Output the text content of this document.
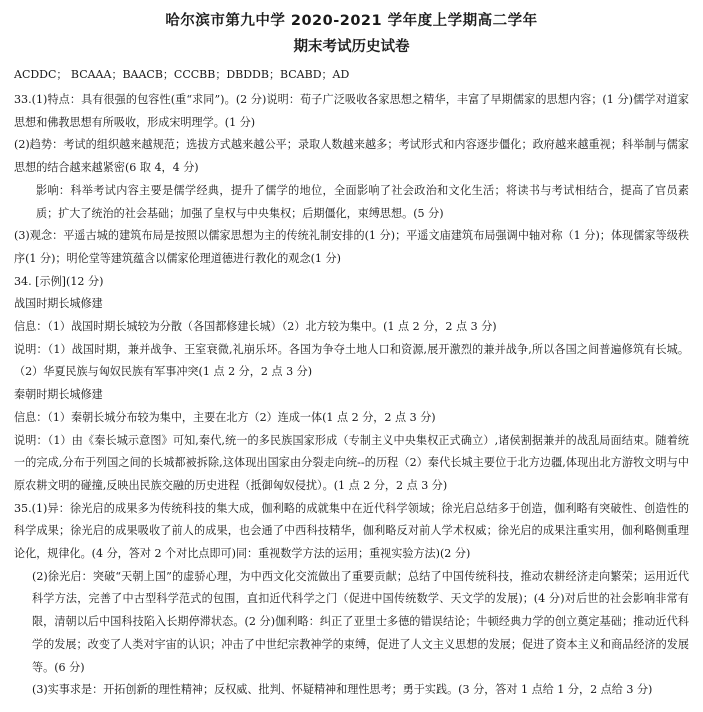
哈尔滨市第九中学 2020-2021 学年度上学期高二学年
期末考试历史试卷
ACDDC； BCAAA；BAACB；CCCBB；DBDDB；BCABD；AD

33.(1)特点：具有很强的包容性(重“求同”)。(2 分)说明：荀子广泛吸收各家思想之精华，丰富了早期儒家的思想内容；(1 分)儒学对道家思想和佛教思想有所吸收，形成宋明理学。(1 分)

(2)趋势：考试的组织越来越规范；选拔方式越来越公平；录取人数越来越多；考试形式和内容逐步僵化；政府越来越重视；科举制与儒家思想的结合越来越紧密(6 取 4，4 分)

影响：科举考试内容主要是儒学经典，提升了儒学的地位，全面影响了社会政治和文化生活；将读书与考试相结合，提高了官员素质；扩大了统治的社会基础；加强了皇权与中央集权；后期僵化，束缚思想。(5 分)

(3)观念：平遥古城的建筑布局是按照以儒家思想为主的传统礼制安排的(1 分)；平遥文庙建筑布局强调中轴对称（1 分)；体现儒家等级秩序(1 分)；明伦堂等建筑蕴含以儒家伦理道德进行教化的观念(1 分)

34. [示例](12 分)

战国时期长城修建

信息：（1）战国时期长城较为分散（各国都修建长城）（2）北方较为集中。(1 点 2 分，2 点 3 分)

说明：（1）战国时期，兼并战争、王室衰微,礼崩乐坏。各国为争夺土地人口和资源,展开激烈的兼并战争,所以各国之间普遍修筑有长城。（2）华夏民族与匈奴民族有军事冲突(1 点 2 分，2 点 3 分)

秦朝时期长城修建

信息：（1）秦朝长城分布较为集中，主要在北方（2）连成一体(1 点 2 分，2 点 3 分)

说明：（1）由《秦长城示意图》可知,秦代,统一的多民族国家形成（专制主义中央集权正式确立）,诸侯割据兼并的战乱局面结束。随着统一的完成,分布于列国之间的长城都被拆除,这体现出国家由分裂走向统--的历程（2）秦代长城主要位于北方边疆,体现出北方游牧文明与中原农耕文明的碰撞,反映出民族交融的历史进程（抵御匈奴侵扰）。(1 点 2 分，2 点 3 分)

35.(1)异：徐光启的成果多为传统科技的集大成，伽利略的成就集中在近代科学领域；徐光启总结多于创造，伽利略有突破性、创造性的科学成果；徐光启的成果吸收了前人的成果，也会通了中西科技精华，伽利略反对前人学术权威；徐光启的成果注重实用，伽利略侧重理论化，规律化。(4 分，答对 2 个对比点即可)同：重视数学方法的运用；重视实验方法)(2 分)

(2)徐光启：突破“天朝上国”的虚骄心理，为中西文化交流做出了重要贡献；总结了中国传统科技，推动农耕经济走向繁荣；运用近代科学方法，完善了中古型科学范式的包围，直扣近代科学之门（促进中国传统数学、天文学的发展)；(4 分)对后世的社会影响非常有限，清朝以后中国科技陷入长期停滞状态。(2 分)伽利略：纠正了亚里士多德的错误结论；牛顿经典力学的创立奠定基础；推动近代科学的发展；改变了人类对宇宙的认识；冲击了中世纪宗教神学的束缚，促进了人文主义思想的发展；促进了资本主义和商品经济的发展等。(6 分)

(3)实事求是：开拓创新的理性精神；反权威、批判、怀疑精神和理性思考；勇于实践。(3 分，答对 1 点给 1 分，2 点给 3 分)
